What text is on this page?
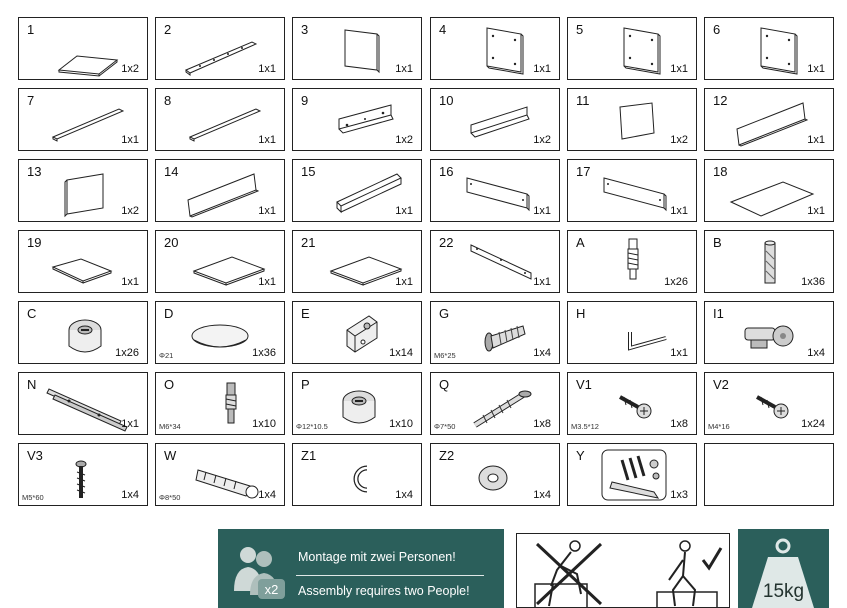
1
1x2
2
1x1
3
1x1
4
1x1
5
1x1
6
1x1
7
1x1
8
1x1
9
1x2
10
1x2
11
1x2
12
1x1
13
1x2
14
1x1
15
1x1
16
1x1
17
1x1
18
1x1
19
1x1
20
1x1
21
1x1
22
1x1
A
1x26
B
1x36
C
1x26
D
1x36
Φ21
E
1x14
G
1x4
M6*25
H
1x1
I1
1x4
N
1x1
O
1x10
M6*34
P
1x10
Φ12*10.5
Q
1x8
Φ7*50
V1
1x8
M3.5*12
V2
1x24
M4*16
V3
1x4
M5*60
W
1x4
Φ8*50
Z1
1x4
Z2
1x4
Y
1x3
x2
Montage mit zwei Personen!
Assembly requires two People!	15kg
